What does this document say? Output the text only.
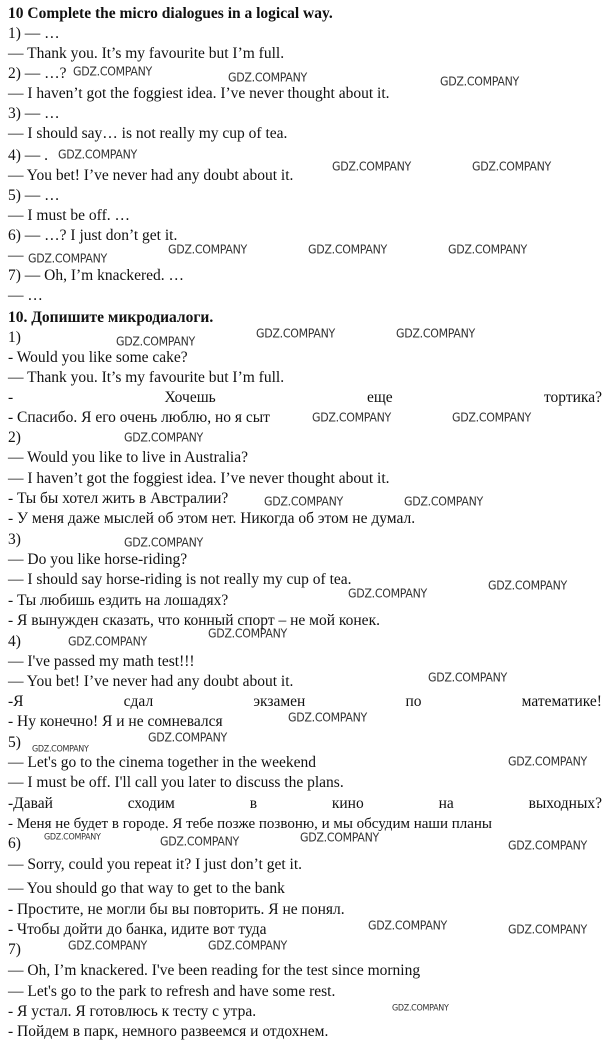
10 Complete the micro dialogues in a logical way.
1) — …
— Thank you. It’s my favourite but I’m full.
2) — …?
— I haven’t got the foggiest idea. I’ve never thought about it.
3) — …
— I should say… is not really my cup of tea.
4) — .
— You bet! I’ve never had any doubt about it.
5) — …
— I must be off. …
6) — …? I just don’t get it.
—
7) — Oh, I’m knackered. …
— …
10. Допишите микродиалоги.
1)
- Would you like some cake?
— Thank you. It’s my favourite but I’m full.
-	Хочешь	еще	тортика?
- Спасибо. Я его очень люблю, но я сыт
2)
— Would you like to live in Australia?
— I haven’t got the foggiest idea. I’ve never thought about it.
- Ты бы хотел жить в Австралии?
- У меня даже мыслей об этом нет. Никогда об этом не думал.
3)
— Do you like horse-riding?
— I should say horse-riding is not really my cup of tea.
- Ты любишь ездить на лошадях?
- Я вынужден сказать, что конный спорт – не мой конек.
4)
— I've passed my math test!!!
— You bet! I’ve never had any doubt about it.
-Я	сдал	экзамен	по	математике!
- Ну конечно! Я и не сомневался
5)
— Let's go to the cinema together in the weekend
— I must be off. I'll call you later to discuss the plans.
-Давай	сходим	в	кино	на	выходных?
- Меня не будет в городе. Я тебе позже позвоню, и мы обсудим наши планы
6)
— Sorry, could you repeat it? I just don’t get it.
— You should go that way to get to the bank
- Простите, не могли бы вы повторить. Я не понял.
- Чтобы дойти до банка, идите вот туда
7)
— Oh, I’m knackered. I've been reading for the test since morning
— Let's go to the park to refresh and have some rest.
- Я устал. Я готовлюсь к тесту с утра.
- Пойдем в парк, немного развеемся и отдохнем.
GDZ.COMPANY	GDZ.COMPANY	GDZ.COMPANY
GDZ.COMPANY
GDZ.COMPANY	GDZ.COMPANY
GDZ.COMPANY	GDZ.COMPANY	GDZ.COMPANY
GDZ.COMPANY
GDZ.COMPANY	GDZ.COMPANY
GDZ.COMPANY
GDZ.COMPANY	GDZ.COMPANY
GDZ.COMPANY
GDZ.COMPANY	GDZ.COMPANY
GDZ.COMPANY
GDZ.COMPANY
GDZ.COMPANY
GDZ.COMPANY
GDZ.COMPANY
GDZ.COMPANY
GDZ.COMPANY
GDZ.COMPANY
GDZ.COMPANY
GDZ.COMPANY
GDZ.COMPANY	GDZ.COMPANY	GDZ.COMPANY
GDZ.COMPANY
GDZ.COMPANY	GDZ.COMPANY
GDZ.COMPANY	GDZ.COMPANY
GDZ.COMPANY
